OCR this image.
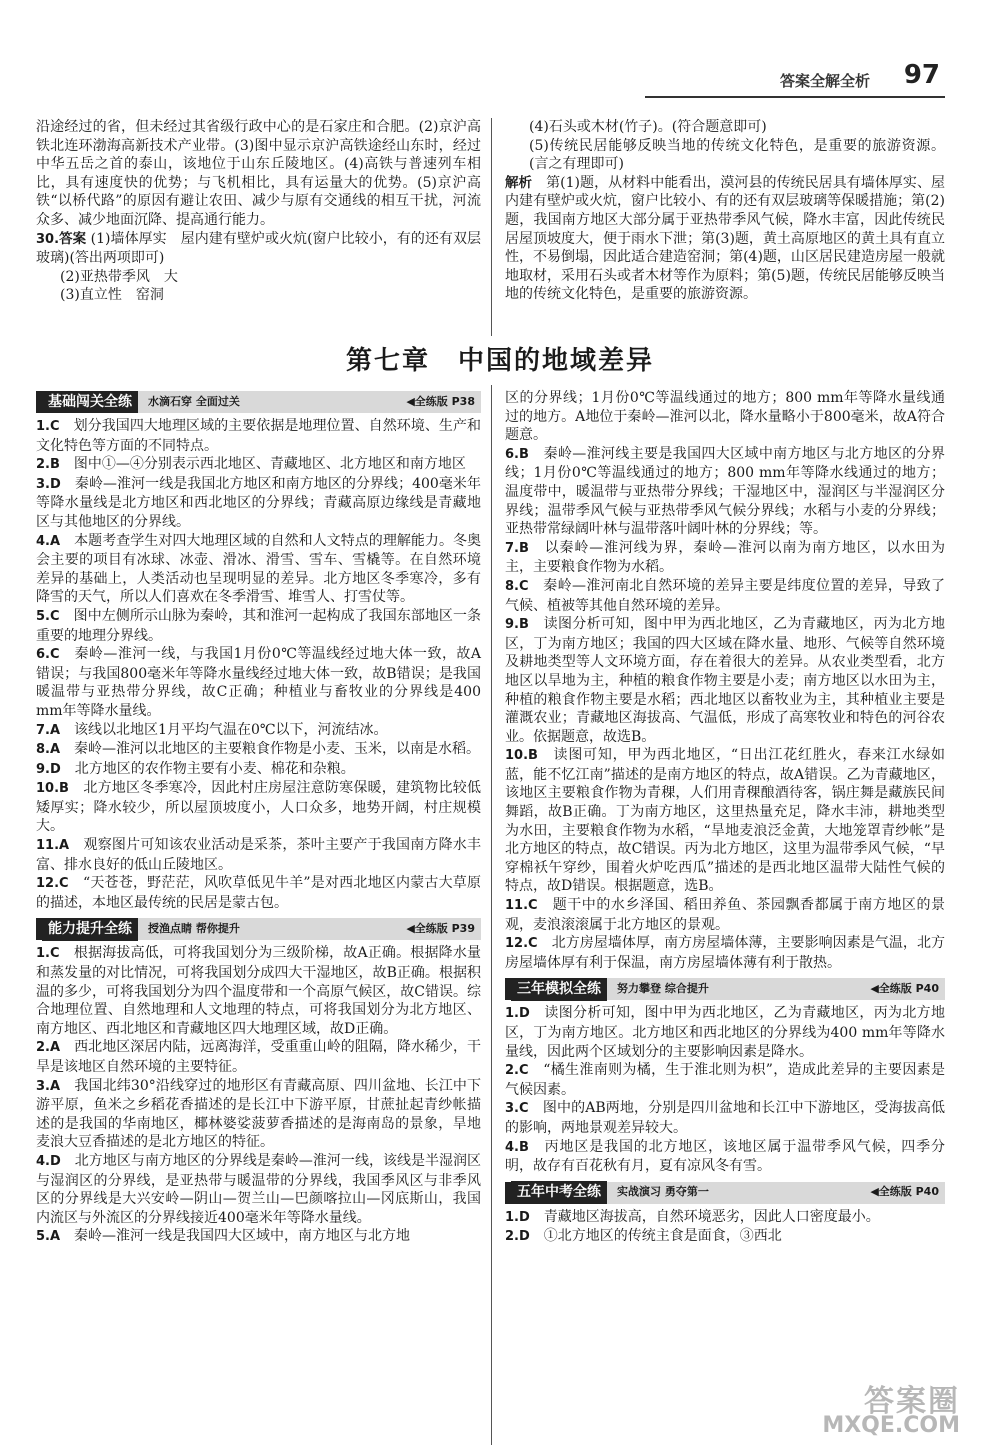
答案全解全析 97

沿途经过的省，但未经过其省级行政中心的是石家庄和合肥。(2)京沪高铁北连环渤海高新技术产业带。(3)图中显示京沪高铁途经山东时，经过中华五岳之首的泰山，该地位于山东丘陵地区。(4)高铁与普速列车相比，具有速度快的优势；与飞机相比，具有运量大的优势。(5)京沪高铁“以桥代路”的原因有避让农田、减少与原有交通线的相互干扰，河流众多、减少地面沉降、提高通行能力。

30.答案 (1)墙体厚实　屋内建有壁炉或火炕(窗户比较小，有的还有双层玻璃)(答出两项即可)

(2)亚热带季风　大

(3)直立性　窑洞

(4)石头或木材(竹子)。(符合题意即可)

(5)传统民居能够反映当地的传统文化特色，是重要的旅游资源。(言之有理即可)

解析　 第(1)题，从材料中能看出，漠河县的传统民居具有墙体厚实、屋内建有壁炉或火炕，窗户比较小、有的还有双层玻璃等保暖措施；第(2)题，我国南方地区大部分属于亚热带季风气候，降水丰富，因此传统民居屋顶坡度大，便于雨水下泄；第(3)题，黄土高原地区的黄土具有直立性，不易倒塌，因此适合建造窑洞；第(4)题，山区居民建造房屋一般就地取材，采用石头或者木材等作为原料；第(5)题，传统民居能够反映当地的传统文化特色，是重要的旅游资源。

第七章　中国的地域差异
基础闯关全练	水滴石穿 全面过关	◀全练版 P38

1.C　 划分我国四大地理区域的主要依据是地理位置、自然环境、生产和文化特色等方面的不同特点。

2.B　 图中①—④分别表示西北地区、青藏地区、北方地区和南方地区

3.D　 秦岭—淮河一线是我国北方地区和南方地区的分界线；400毫米年等降水量线是北方地区和西北地区的分界线；青藏高原边缘线是青藏地区与其他地区的分界线。

4.A　 本题考查学生对四大地理区域的自然和人文特点的理解能力。冬奥会主要的项目有冰球、冰壶、滑冰、滑雪、雪车、雪橇等。在自然环境差异的基础上，人类活动也呈现明显的差异。北方地区冬季寒冷，多有降雪的天气，所以人们喜欢在冬季滑雪、堆雪人、打雪仗等。

5.C　 图中左侧所示山脉为秦岭，其和淮河一起构成了我国东部地区一条重要的地理分界线。

6.C　 秦岭—淮河一线，与我国1月份0℃等温线经过地大体一致，故A错误；与我国800毫米年等降水量线经过地大体一致，故B错误；是我国暖温带与亚热带分界线，故C正确；种植业与畜牧业的分界线是400 mm年等降水量线。

7.A　 该线以北地区1月平均气温在0℃以下，河流结冰。

8.A　 秦岭—淮河以北地区的主要粮食作物是小麦、玉米，以南是水稻。

9.D　 北方地区的农作物主要有小麦、棉花和杂粮。

10.B　 北方地区冬季寒冷，因此村庄房屋注意防寒保暖，建筑物比较低矮厚实；降水较少，所以屋顶坡度小，人口众多，地势开阔，村庄规模大。

11.A　 观察图片可知该农业活动是采茶，茶叶主要产于我国南方降水丰富、排水良好的低山丘陵地区。

12.C　 “天苍苍，野茫茫，风吹草低见牛羊”是对西北地区内蒙古大草原的描述，本地区最传统的民居是蒙古包。

能力提升全练	授渔点睛 帮你提升	◀全练版 P39

1.C　 根据海拔高低，可将我国划分为三级阶梯，故A正确。根据降水量和蒸发量的对比情况，可将我国划分成四大干湿地区，故B正确。根据积温的多少，可将我国划分为四个温度带和一个高原气候区，故C错误。综合地理位置、自然地理和人文地理的特点，可将我国划分为北方地区、南方地区、西北地区和青藏地区四大地理区域，故D正确。

2.A　 西北地区深居内陆，远离海洋，受重重山岭的阻隔，降水稀少，干旱是该地区自然环境的主要特征。

3.A　 我国北纬30°沿线穿过的地形区有青藏高原、四川盆地、长江中下游平原，鱼米之乡稻花香描述的是长江中下游平原，甘蔗扯起青纱帐描述的是我国的华南地区，椰林婆娑菠萝香描述的是海南岛的景象，旱地麦浪大豆香描述的是北方地区的特征。

4.D　 北方地区与南方地区的分界线是秦岭—淮河一线，该线是半湿润区与湿润区的分界线，是亚热带与暖温带的分界线，我国季风区与非季风区的分界线是大兴安岭—阴山—贺兰山—巴颜喀拉山—冈底斯山，我国内流区与外流区的分界线接近400毫米年等降水量线。

5.A　 秦岭—淮河一线是我国四大区域中，南方地区与北方地

区的分界线；1月份0℃等温线通过的地方；800 mm年等降水量线通过的地方。A地位于秦岭—淮河以北，降水量略小于800毫米，故A符合题意。

6.B　 秦岭—淮河线主要是我国四大区域中南方地区与北方地区的分界线；1月份0℃等温线通过的地方；800 mm年等降水线通过的地方；温度带中，暖温带与亚热带分界线；干湿地区中，湿润区与半湿润区分界线；温带季风气候与亚热带季风气候分界线；水稻与小麦的分界线；亚热带常绿阔叶林与温带落叶阔叶林的分界线；等。

7.B　 以秦岭—淮河线为界，秦岭—淮河以南为南方地区，以水田为主，主要粮食作物为水稻。

8.C　 秦岭—淮河南北自然环境的差异主要是纬度位置的差异，导致了气候、植被等其他自然环境的差异。

9.B　 读图分析可知，图中甲为西北地区，乙为青藏地区，丙为北方地区，丁为南方地区；我国的四大区域在降水量、地形、气候等自然环境及耕地类型等人文环境方面，存在着很大的差异。从农业类型看，北方地区以旱地为主，种植的粮食作物主要是小麦；南方地区以水田为主，种植的粮食作物主要是水稻；西北地区以畜牧业为主，其种植业主要是灌溉农业；青藏地区海拔高、气温低，形成了高寒牧业和特色的河谷农业。依据题意，故选B。

10.B　 读图可知，甲为西北地区，“日出江花红胜火，春来江水绿如蓝，能不忆江南”描述的是南方地区的特点，故A错误。乙为青藏地区，该地区主要粮食作物为青稞，人们用青稞酿酒待客，锅庄舞是藏族民间舞蹈，故B正确。丁为南方地区，这里热量充足，降水丰沛，耕地类型为水田，主要粮食作物为水稻，“旱地麦浪泛金黄，大地笼罩青纱帐”是北方地区的特点，故C错误。丙为北方地区，这里为温带季风气候，“早穿棉袄午穿纱，围着火炉吃西瓜”描述的是西北地区温带大陆性气候的特点，故D错误。根据题意，选B。

11.C　 题干中的水乡泽国、稻田养鱼、茶园飘香都属于南方地区的景观，麦浪滚滚属于北方地区的景观。

12.C　 北方房屋墙体厚，南方房屋墙体薄，主要影响因素是气温，北方房屋墙体厚有利于保温，南方房屋墙体薄有利于散热。

三年模拟全练	努力攀登 综合提升	◀全练版 P40

1.D　 读图分析可知，图中甲为西北地区，乙为青藏地区，丙为北方地区，丁为南方地区。北方地区和西北地区的分界线为400 mm年等降水量线，因此两个区域划分的主要影响因素是降水。

2.C　 “橘生淮南则为橘，生于淮北则为枳”，造成此差异的主要因素是气候因素。

3.C　 图中的AB两地，分别是四川盆地和长江中下游地区，受海拔高低的影响，两地景观差异较大。

4.B　 丙地区是我国的北方地区，该地区属于温带季风气候，四季分明，故存有百花秋有月，夏有凉风冬有雪。

五年中考全练	实战演习 勇夺第一	◀全练版 P40

1.D　 青藏地区海拔高，自然环境恶劣，因此人口密度最小。

2.D　 ①北方地区的传统主食是面食，③西北

答案圈
MXQE.COM
